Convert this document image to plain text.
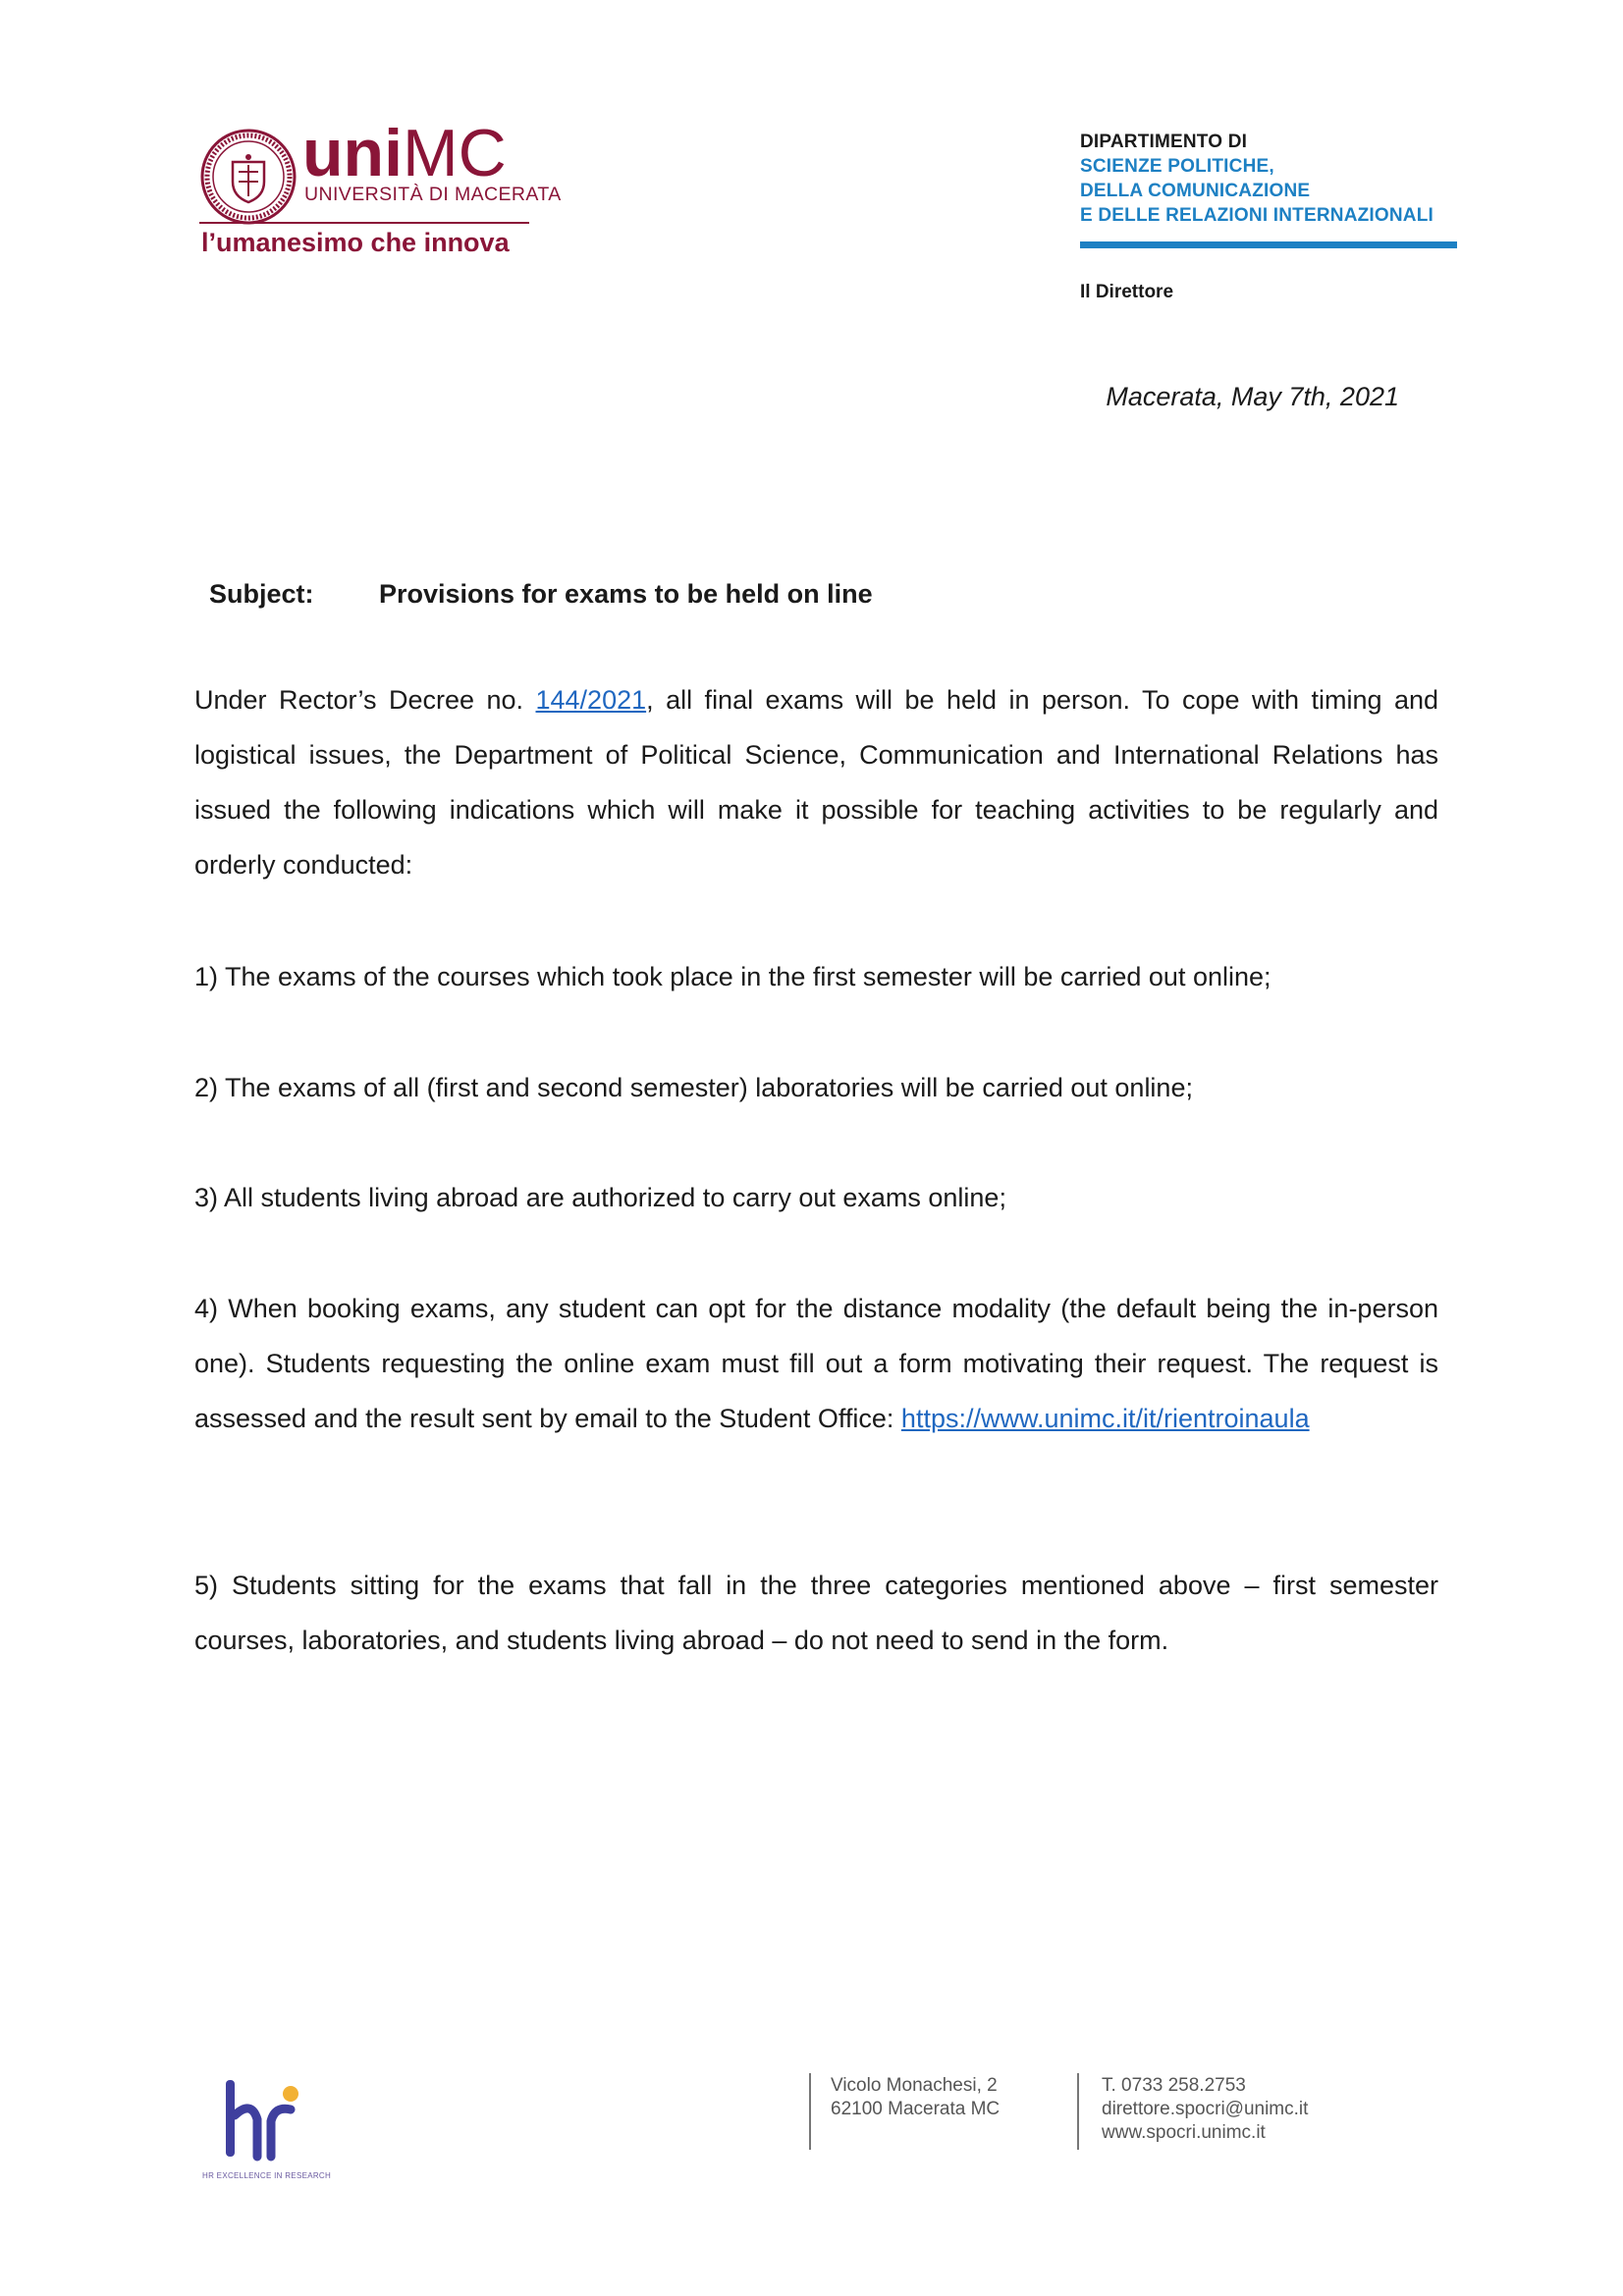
uniMC
UNIVERSITÀ DI MACERATA
l’umanesimo che innova
DIPARTIMENTO DI
SCIENZE POLITICHE,
DELLA COMUNICAZIONE
E DELLE RELAZIONI INTERNAZIONALI
Il Direttore
Macerata, May 7th, 2021
Subject: Provisions for exams to be held on line
Under Rector’s Decree no. 144/2021, all final exams will be held in person. To cope with timing and logistical issues, the Department of Political Science, Communication and International Relations has issued the following indications which will make it possible for teaching activities to be regularly and orderly conducted:
1) The exams of the courses which took place in the first semester will be carried out online;
2) The exams of all (first and second semester) laboratories will be carried out online;
3) All students living abroad are authorized to carry out exams online;
4) When booking exams, any student can opt for the distance modality (the default being the in-person one). Students requesting the online exam must fill out a form motivating their request. The request is assessed and the result sent by email to the Student Office: https://www.unimc.it/it/rientroinaula
5) Students sitting for the exams that fall in the three categories mentioned above – first semester courses, laboratories, and students living abroad – do not need to send in the form.
HR EXCELLENCE IN RESEARCH
Vicolo Monachesi, 2
62100 Macerata MC
T. 0733 258.2753
direttore.spocri@unimc.it
www.spocri.unimc.it
